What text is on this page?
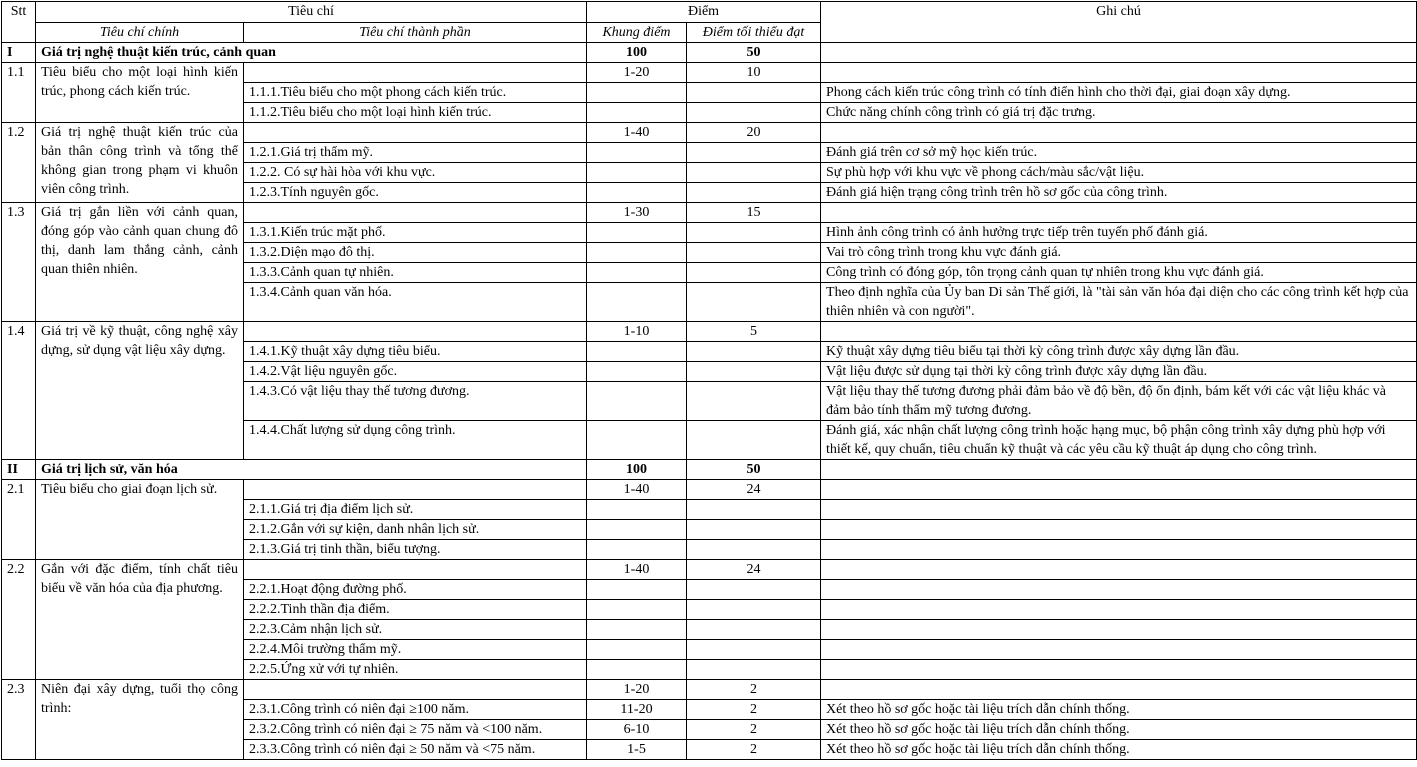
Stt	Tiêu chí		Điểm		Ghi chú
	Tiêu chí chính	Tiêu chí thành phần	Khung điểm	Điểm tối thiểu đạt	
I	Giá trị nghệ thuật kiến trúc, cảnh quan		100	50	
1.1	Tiêu biểu cho một loại hình kiến trúc, phong cách kiến trúc.		1-20	10	
		1.1.1.Tiêu biểu cho một phong cách kiến trúc.			Phong cách kiến trúc công trình có tính điển hình cho thời đại, giai đoạn xây dựng.
		1.1.2.Tiêu biểu cho một loại hình kiến trúc.			Chức năng chính công trình có giá trị đặc trưng.
1.2	Giá trị nghệ thuật kiến trúc của bản thân công trình và tổng thể không gian trong phạm vi khuôn viên công trình.		1-40	20	
		1.2.1.Giá trị thẩm mỹ.			Đánh giá trên cơ sở mỹ học kiến trúc.
		1.2.2. Có sự hài hòa với khu vực.			Sự phù hợp với khu vực về phong cách/màu sắc/vật liệu.
		1.2.3.Tính nguyên gốc.			Đánh giá hiện trạng công trình trên hồ sơ gốc của công trình.
1.3	Giá trị gắn liền với cảnh quan, đóng góp vào cảnh quan chung đô thị, danh lam thắng cảnh, cảnh quan thiên nhiên.		1-30	15	
		1.3.1.Kiến trúc mặt phố.			Hình ảnh công trình có ảnh hưởng trực tiếp trên tuyến phố đánh giá.
		1.3.2.Diện mạo đô thị.			Vai trò công trình trong khu vực đánh giá.
		1.3.3.Cảnh quan tự nhiên.			Công trình có đóng góp, tôn trọng cảnh quan tự nhiên trong khu vực đánh giá.
		1.3.4.Cảnh quan văn hóa.			Theo định nghĩa của Ủy ban Di sản Thế giới, là "tài sản văn hóa đại diện cho các công trình kết hợp của thiên nhiên và con người".
1.4	Giá trị về kỹ thuật, công nghệ xây dựng, sử dụng vật liệu xây dựng.		1-10	5	
		1.4.1.Kỹ thuật xây dựng tiêu biểu.			Kỹ thuật xây dựng tiêu biểu tại thời kỳ công trình được xây dựng lần đầu.
		1.4.2.Vật liệu nguyên gốc.			Vật liệu được sử dụng tại thời kỳ công trình được xây dựng lần đầu.
		1.4.3.Có vật liệu thay thế tương đương.			Vật liệu thay thế tương đương phải đảm bảo về độ bền, độ ổn định, bám kết với các vật liệu khác và đảm bảo tính thẩm mỹ tương đương.
		1.4.4.Chất lượng sử dụng công trình.			Đánh giá, xác nhận chất lượng công trình hoặc hạng mục, bộ phận công trình xây dựng phù hợp với thiết kế, quy chuẩn, tiêu chuẩn kỹ thuật và các yêu cầu kỹ thuật áp dụng cho công trình.
II	Giá trị lịch sử, văn hóa		100	50	
2.1	Tiêu biểu cho giai đoạn lịch sử.		1-40	24	
		2.1.1.Giá trị địa điểm lịch sử.			
		2.1.2.Gắn với sự kiện, danh nhân lịch sử.			
		2.1.3.Giá trị tinh thần, biểu tượng.			
2.2	Gắn với đặc điểm, tính chất tiêu biểu về văn hóa của địa phương.		1-40	24	
		2.2.1.Hoạt động đường phố.			
		2.2.2.Tinh thần địa điểm.			
		2.2.3.Cảm nhận lịch sử.			
		2.2.4.Môi trường thẩm mỹ.			
		2.2.5.Ứng xử với tự nhiên.			
2.3	Niên đại xây dựng, tuổi thọ công trình:		1-20	2	
		2.3.1.Công trình có niên đại ≥100 năm.	11-20	2	Xét theo hồ sơ gốc hoặc tài liệu trích dẫn chính thống.
		2.3.2.Công trình có niên đại ≥ 75 năm và <100 năm.	6-10	2	Xét theo hồ sơ gốc hoặc tài liệu trích dẫn chính thống.
		2.3.3.Công trình có niên đại ≥ 50 năm và <75 năm.	1-5	2	Xét theo hồ sơ gốc hoặc tài liệu trích dẫn chính thống.
